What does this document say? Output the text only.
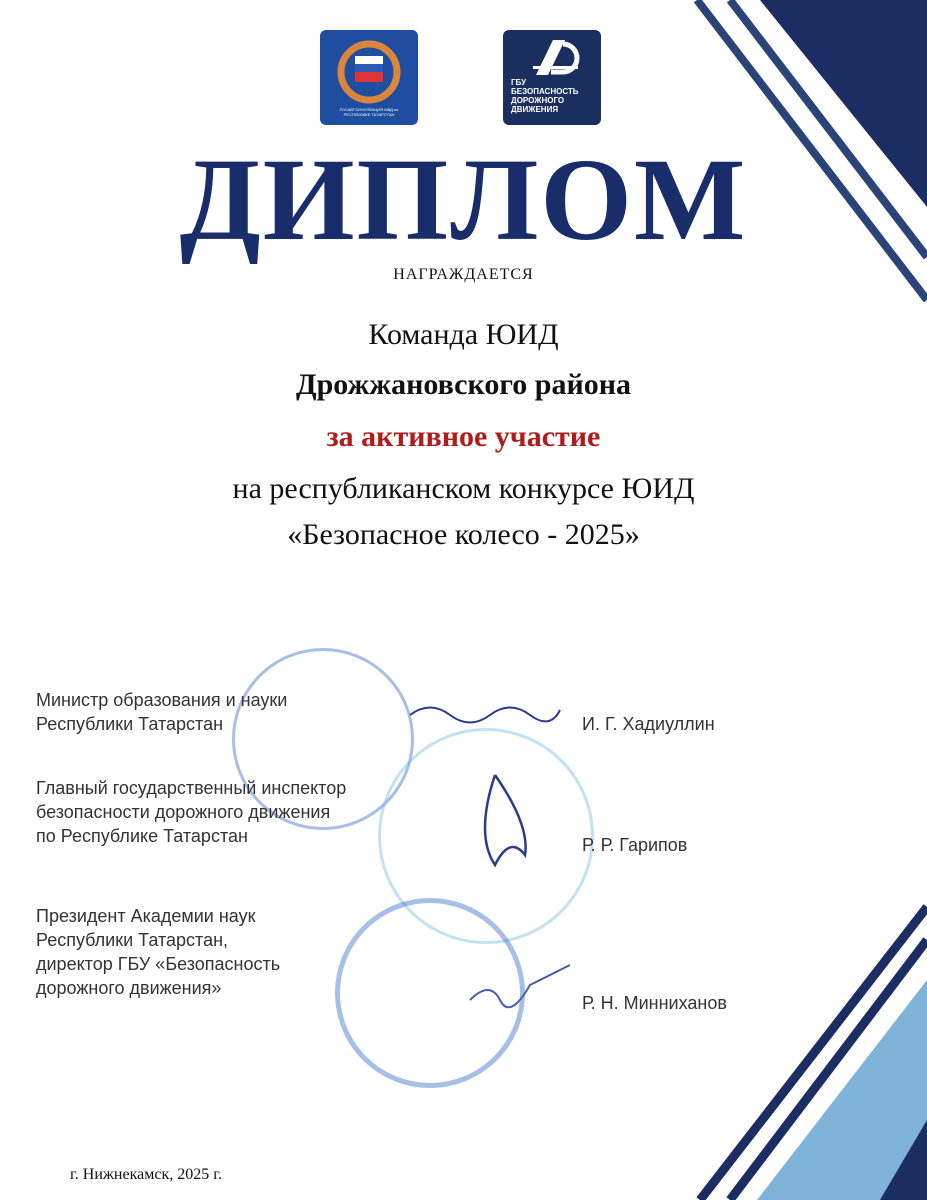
ГОСАВТОИНСПЕКЦИЯ МВД по РЕСПУБЛИКЕ ТАТАРСТАН
ГБУ
БЕЗОПАСНОСТЬ
ДОРОЖНОГО
ДВИЖЕНИЯ
ДИПЛОМ
НАГРАЖДАЕТСЯ
Команда ЮИД
Дрожжановского района
за активное участие
на республиканском конкурсе ЮИД
«Безопасное колесо - 2025»
Министр образования и науки
Республики Татарстан	И. Г. Хадиуллин
Главный государственный инспектор
безопасности дорожного движения
по Республике Татарстан	Р. Р. Гарипов
Президент Академии наук
Республики Татарстан,
директор ГБУ «Безопасность
дорожного движения»
Р. Н. Минниханов
г. Нижнекамск, 2025 г.
